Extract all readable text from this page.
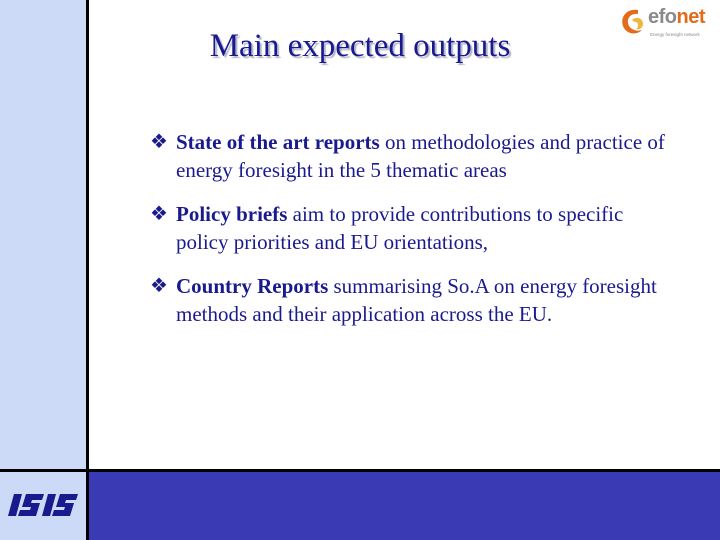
Main expected outputs
efonet
Energy foresight network
❖ State of the art reports on methodologies and practice of energy foresight in the 5 thematic areas
❖ Policy briefs aim to provide contributions to specific policy priorities and EU orientations,
❖ Country Reports summarising So.A on energy foresight methods and their application across the EU.
